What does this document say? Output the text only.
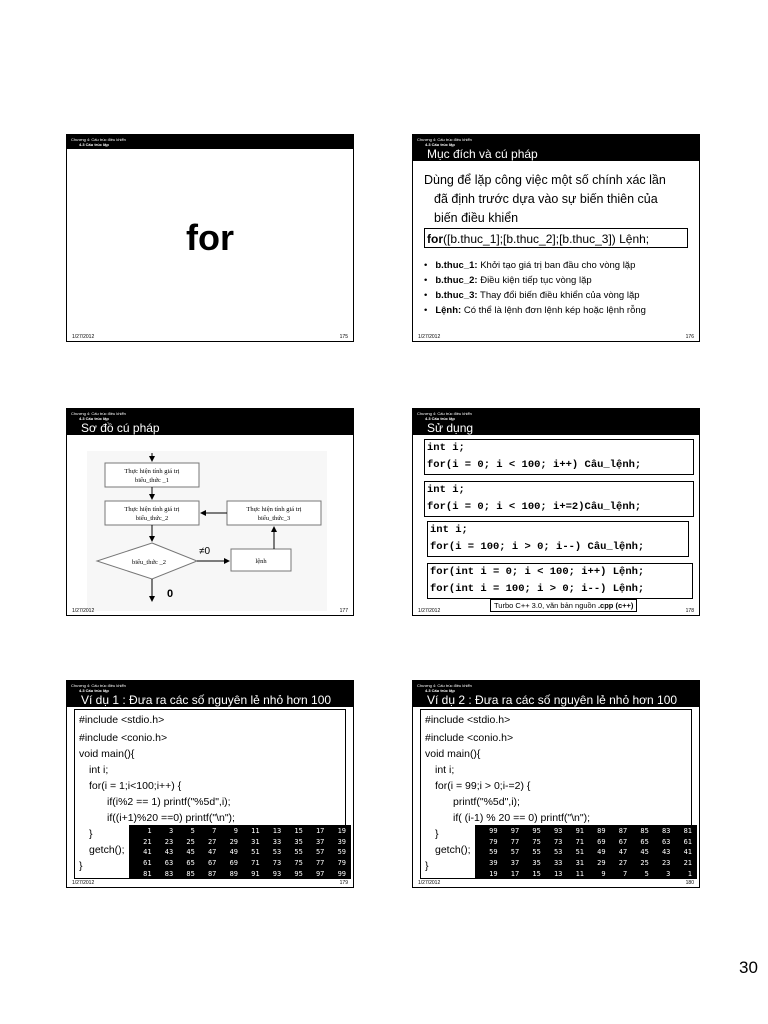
Chương 4: Cấu trúc điều khiển
4.3 Cấu trúc lặp
for
1/27/2012	175
Chương 4: Cấu trúc điều khiển
4.3 Cấu trúc lặp
Mục đích và cú pháp
Dùng để lặp công việc một số chính xác lần
đã định trước dựa vào sự biến thiên của
biến điều khiển
for([b.thuc_1];[b.thuc_2];[b.thuc_3]) Lệnh;
• b.thuc_1: Khởi tạo giá trị ban đầu cho vòng lặp
• b.thuc_2: Điều kiện tiếp tục vòng lặp
• b.thuc_3: Thay đổi biến điều khiển của vòng lặp
• Lệnh: Có thể là lệnh đơn lệnh kép hoặc lệnh rỗng
1/27/2012	176
Chương 4: Cấu trúc điều khiển
4.3 Cấu trúc lặp
Sơ đồ cú pháp
Thực hiện tính giá trị
biểu_thức _1
Thực hiện tính giá trị
biểu_thức_2
Thực hiện tính giá trị
biểu_thức_3
biểu_thức _2
≠0
lệnh
0
1/27/2012	177
Chương 4: Cấu trúc điều khiển
4.3 Cấu trúc lặp
Sử dụng
int i;
for(i = 0; i < 100; i++) Câu_lệnh;
int i;
for(i = 0; i < 100; i+=2)Câu_lệnh;
int i;
for(i = 100; i > 0; i--) Câu_lệnh;
for(int i = 0; i < 100; i++) Lệnh;
for(int i = 100; i > 0; i--) Lệnh;
Turbo C++ 3.0, văn bản nguồn .cpp (c++)
1/27/2012	178
Chương 4: Cấu trúc điều khiển
4.3 Cấu trúc lặp
Ví dụ 1 : Đưa ra các số nguyên lẻ nhỏ hơn 100
#include <stdio.h>
#include <conio.h>
void main(){
int i;
for(i = 1;i<100;i++) {
if(i%2 == 1) printf("%5d",i);
if((i+1)%20 ==0) printf("\n");
}
getch();
}
1	3	5	7	9	11	13	15	17	19
21	23	25	27	29	31	33	35	37	39
41	43	45	47	49	51	53	55	57	59
61	63	65	67	69	71	73	75	77	79
81	83	85	87	89	91	93	95	97	99
1/27/2012	179
Chương 4: Cấu trúc điều khiển
4.3 Cấu trúc lặp
Ví dụ 2 : Đưa ra các số nguyên lẻ nhỏ hơn 100
#include <stdio.h>
#include <conio.h>
void main(){
int i;
for(i = 99;i > 0;i-=2) {
printf("%5d",i);
if( (i-1) % 20 == 0) printf("\n");
}
getch();
}
99	97	95	93	91	89	87	85	83	81
79	77	75	73	71	69	67	65	63	61
59	57	55	53	51	49	47	45	43	41
39	37	35	33	31	29	27	25	23	21
19	17	15	13	11	9	7	5	3	1
1/27/2012	180
30
